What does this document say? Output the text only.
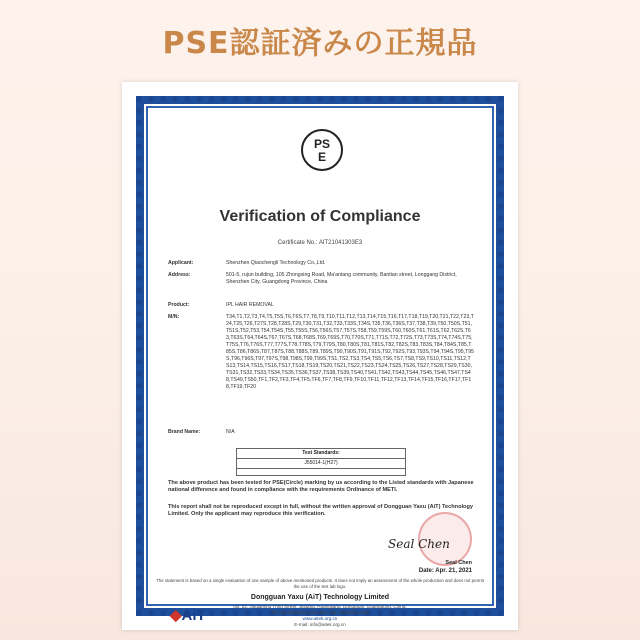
PSE認証済みの正規品
PS
E
Verification of Compliance
Certificate No.: AIT21041303E3
Applicant:	Shenzhen Qiaochengli Technology Co.,Ltd.
Address:	501-5, rujun building, 105 Zhongxing Road, Ma'antang community, Bantian street, Longgang District, Shenzhen City, Guangdong Province, China
Product:	IPL HAIR REMOVAL
M/N:	T34,T1,T2,T3,T4,T5,T5S,T6,T6S,T7,T8,T9,T10,T11,T12,T13,T14,T15,T16,T17,T18,T19,T20,T21,T22,T23,T24,T25,T26,T27S,T28,T28S,T29,T30,T31,T32,T33,T33S,T34S,T35,T36,T36S,T37,T38,T39,T50,T50S,T51,T51S,T52,T53,T54,T54S,T55,T55S,T56,T56S,T57,T57S,T58,T59,T59S,T60,T60S,T61,T61S,T62,T62S,T63,T63S,T64,T64S,T67,T67S,T68,T68S,T69,T69S,T70,T70S,T71,T71S,T72,T72S,T73,T73S,T74,T74S,T75,T75S,T76,T76S,T77,T77S,T78,T78S,T79,T79S,T80,T80S,T81,T81S,T82,T82S,T83,T83S,T84,T84S,T85,T85S,T86,T86S,T87,T87S,T88,T88S,T89,T89S,T90,T90S,T91,T91S,T92,T92S,T93,T93S,T94,T94S,T95,T95S,T96,T96S,T97,T97S,T98,T98S,T99,T99S,TS1,TS2,TS3,TS4,TS5,TS6,TS7,TS8,TS9,TS10,TS11,TS12,TS13,TS14,TS15,TS16,TS17,TS18,TS19,TS20,TS21,TS22,TS23,TS24,TS25,TS26,TS27,TS28,TS29,TS30,TS31,TS32,TS33,TS34,TS35,TS36,TS37,TS38,TS39,TS40,TS41,TS42,TS43,TS44,TS45,TS46,TS47,TS48,TS49,TS50,TF1,TF2,TF3,TF4,TF5,TF6,TF7,TF8,TF9,TF10,TF11,TF12,TF13,TF14,TF15,TF16,TF17,TF18,TF19,TF20
Brand Name:	N/A
Test Standards:
J55014-1(H27)
The above product has been tested for PSE(Circle) marking by us according to the Listed standards with Japanese national difference and found in compliance with the requirements Ordinance of METI.
This report shall not be reproduced except in full, without the written approval of Dongguan Yaxu (AiT) Technology Limited. Only the applicant may reproduce this verification.
Seal Chen
Seal Chen
Date: Apr. 21, 2021
The statement is based on a single evaluation of one sample of above mentioned products. It does not imply an assessment of the whole production and does not permit the use of the test lab logo.
Dongguan Yaxu (AiT) Technology Limited
No. 22, Jinqianling Third Street, Jitigang, Huangjiang, Dongguan, Guangdong, China.
Tel:+86-769-8202 0499 Fax:+86-769-8202 0495
www.aitek.org.cn
E-mail: info@aitek.org.cn
◆AiT
